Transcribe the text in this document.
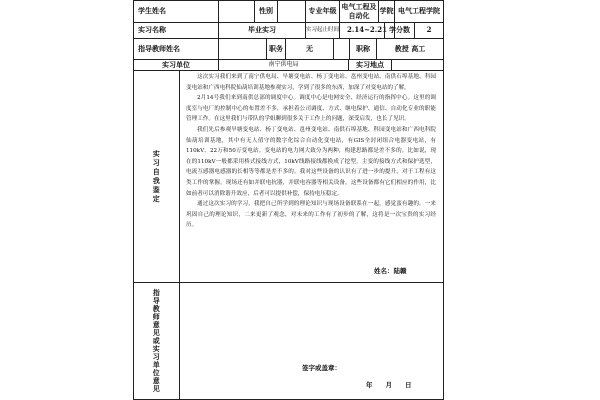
学生姓名	性别	专业年级 电气工程及自动化	学院 电气工程学院
实习名称	毕业实习	实习起止时间	2.14~2.21 学分数	2
指导教师姓名	职务	无	职称	教授 高工
实习单位	南宁供电局	实习地点
实习自我鉴定

这次实习我们来到了南宁供电局、旱塘变电站、杨丁变电站、邕州变电站、南供石埠基地、科园变电站和广西电科院仙葫培训基地参观实习，学到了很多的东西，加深了对变电站的了解。

2月14号我们来到南供总部的调度中心。调度中心是电网安全、经济运行的指挥中心。这里的调度室与电厂的控制中心的布置差不多，承担着公司调度、方式、继电保护、通信、自动化专业的职能管理工作。在这里我们与带队的学姐聊到很多关于工作上的问题，深受启发，也长了见识。

我们先后参观旱塘变电站、杨丁变电站、邕州变电站、南供石埠基地、科园变电站和广西电科院仙葫培训基地，其中有无人值守的数字化综合自动化变电站，有GIS全封闭组合电器变电站，有110kV、22万和50万变电站。变电站的电力网大致分为两种，构建思路都是差不多的。比如说，现在的110kV一般都采用桥式接线方式，10kV线路接线都换成了挖型，主变的接线方式和保护选型，电流互感器电感器的长相等等都是差不多的。我对这些设备的认识有了进一步的提升，对于工程有这类工作的掌握。现场还有如并联电抗器，并联电容器等相关设备，这些设备都有它们相应的作用，比如前者可以消除谐升效应，后者可以提供补偿，保持电压稳定。

通过这次实习的学习，我把自己所学到的理论知识与现场设备联系在一起，感觉蛮有趣的。一来巩固自己的理论知识，二来更新了观念，对未来的工作有了初步的了解，这将是一次宝贵的实习经历。

姓名：陆赣
指导教师意见或实习单位意见	签字或盖章：
年　　月　　日
